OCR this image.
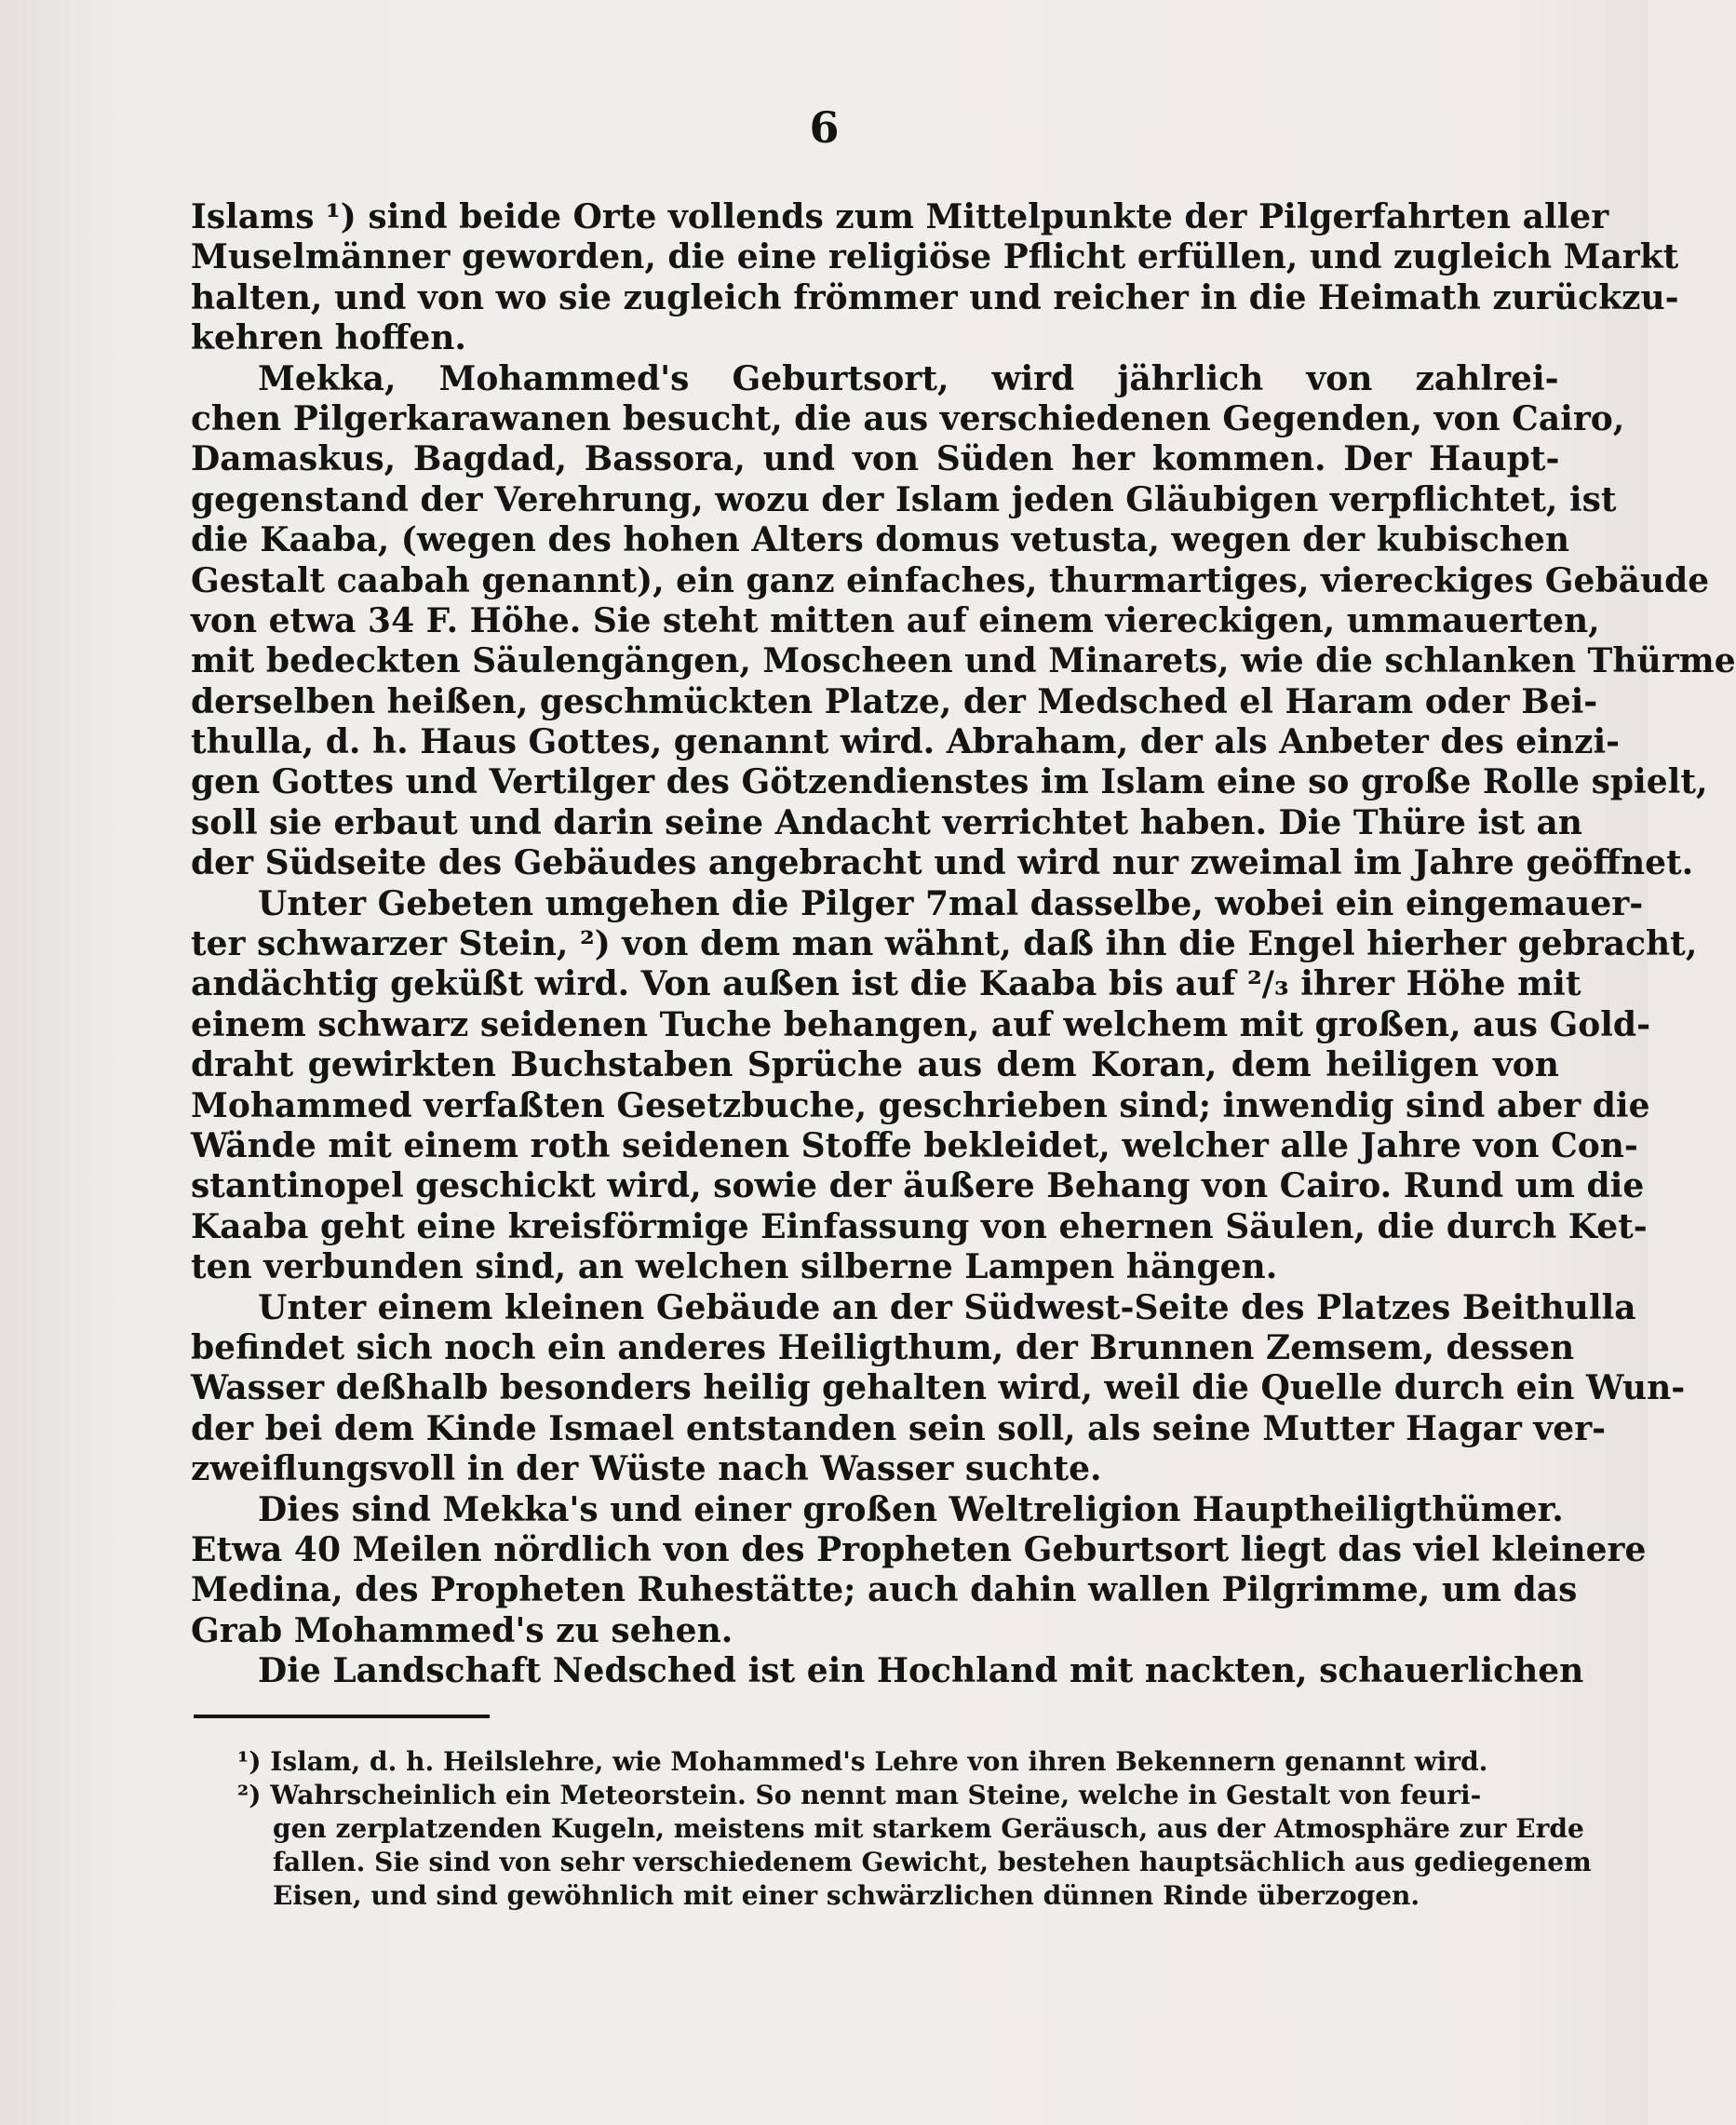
6
Islams ¹) sind beide Orte vollends zum Mittelpunkte der Pilgerfahrten aller
Muselmänner geworden, die eine religiöse Pflicht erfüllen, und zugleich Markt
halten, und von wo sie zugleich frömmer und reicher in die Heimath zurückzu-
kehren hoffen.
Mekka, Mohammed's Geburtsort, wird jährlich von zahlrei-
chen Pilgerkarawanen besucht, die aus verschiedenen Gegenden, von Cairo,
Damaskus, Bagdad, Bassora, und von Süden her kommen. Der Haupt-
gegenstand der Verehrung, wozu der Islam jeden Gläubigen verpflichtet, ist
die Kaaba, (wegen des hohen Alters domus vetusta, wegen der kubischen
Gestalt caabah genannt), ein ganz einfaches, thurmartiges, viereckiges Gebäude
von etwa 34 F. Höhe. Sie steht mitten auf einem viereckigen, ummauerten,
mit bedeckten Säulengängen, Moscheen und Minarets, wie die schlanken Thürme
derselben heißen, geschmückten Platze, der Medsched el Haram oder Bei-
thulla, d. h. Haus Gottes, genannt wird. Abraham, der als Anbeter des einzi-
gen Gottes und Vertilger des Götzendienstes im Islam eine so große Rolle spielt,
soll sie erbaut und darin seine Andacht verrichtet haben. Die Thüre ist an
der Südseite des Gebäudes angebracht und wird nur zweimal im Jahre geöffnet.
Unter Gebeten umgehen die Pilger 7mal dasselbe, wobei ein eingemauer-
ter schwarzer Stein, ²) von dem man wähnt, daß ihn die Engel hierher gebracht,
andächtig geküßt wird. Von außen ist die Kaaba bis auf ²/₃ ihrer Höhe mit
einem schwarz seidenen Tuche behangen, auf welchem mit großen, aus Gold-
draht gewirkten Buchstaben Sprüche aus dem Koran, dem heiligen von
Mohammed verfaßten Gesetzbuche, geschrieben sind; inwendig sind aber die
Wände mit einem roth seidenen Stoffe bekleidet, welcher alle Jahre von Con-
stantinopel geschickt wird, sowie der äußere Behang von Cairo. Rund um die
Kaaba geht eine kreisförmige Einfassung von ehernen Säulen, die durch Ket-
ten verbunden sind, an welchen silberne Lampen hängen.
Unter einem kleinen Gebäude an der Südwest-Seite des Platzes Beithulla
befindet sich noch ein anderes Heiligthum, der Brunnen Zemsem, dessen
Wasser deßhalb besonders heilig gehalten wird, weil die Quelle durch ein Wun-
der bei dem Kinde Ismael entstanden sein soll, als seine Mutter Hagar ver-
zweiflungsvoll in der Wüste nach Wasser suchte.
Dies sind Mekka's und einer großen Weltreligion Hauptheiligthümer.
Etwa 40 Meilen nördlich von des Propheten Geburtsort liegt das viel kleinere
Medina, des Propheten Ruhestätte; auch dahin wallen Pilgrimme, um das
Grab Mohammed's zu sehen.
Die Landschaft Nedsched ist ein Hochland mit nackten, schauerlichen
¹) Islam, d. h. Heilslehre, wie Mohammed's Lehre von ihren Bekennern genannt wird.
²) Wahrscheinlich ein Meteorstein. So nennt man Steine, welche in Gestalt von feuri-
gen zerplatzenden Kugeln, meistens mit starkem Geräusch, aus der Atmosphäre zur Erde
fallen. Sie sind von sehr verschiedenem Gewicht, bestehen hauptsächlich aus gediegenem
Eisen, und sind gewöhnlich mit einer schwärzlichen dünnen Rinde überzogen.
